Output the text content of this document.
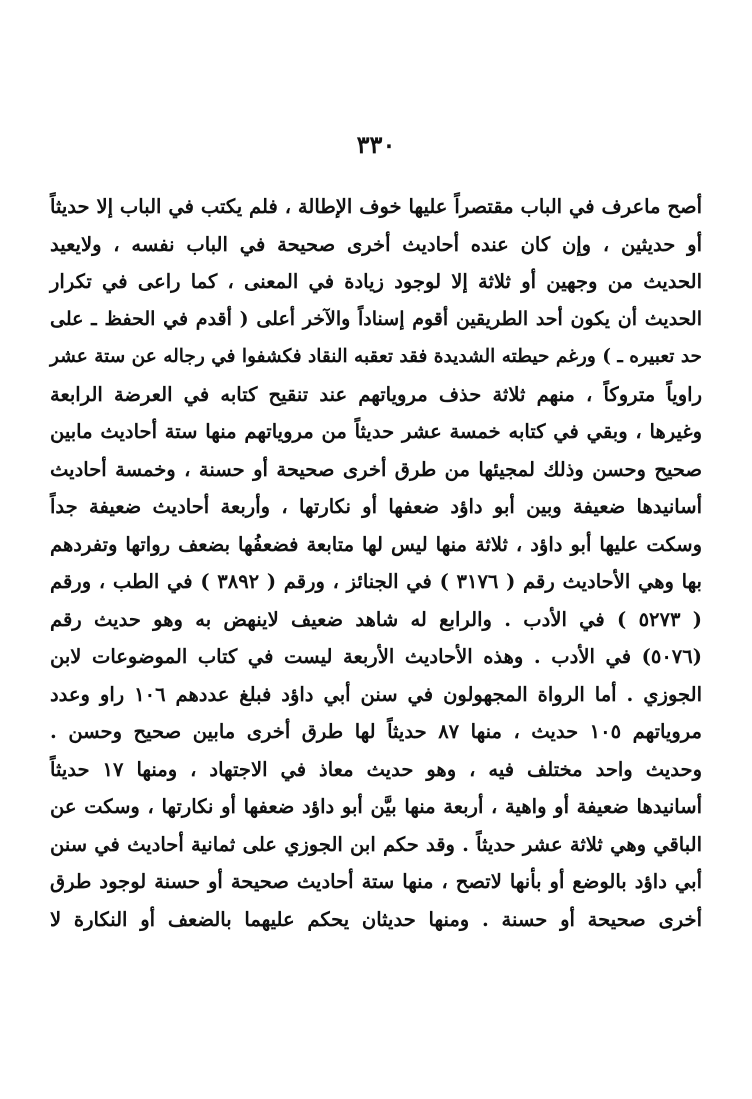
٣٣٠
أصح ماعرف في الباب مقتصراً عليها خوف الإطالة ، فلم يكتب في الباب إلا حديثاً
أو حديثين ، وإن كان عنده أحاديث أخرى صحيحة في الباب نفسه ، ولايعيد
الحديث من وجهين أو ثلاثة إلا لوجود زيادة في المعنى ، كما راعى في تكرار
الحديث أن يكون أحد الطريقين أقوم إسناداً والآخر أعلى ( أقدم في الحفظ ـ على
حد تعبيره ـ ) ورغم حيطته الشديدة فقد تعقبه النقاد فكشفوا في رجاله عن ستة عشر
راوياً متروكاً ، منهم ثلاثة حذف مروياتهم عند تنقيح كتابه في العرضة الرابعة
وغيرها ، وبقي في كتابه خمسة عشر حديثاً من مروياتهم منها ستة أحاديث مابين
صحيح وحسن وذلك لمجيئها من طرق أخرى صحيحة أو حسنة ، وخمسة أحاديث
أسانيدها ضعيفة وبين أبو داؤد ضعفها أو نكارتها ، وأربعة أحاديث ضعيفة جداً
وسكت عليها أبو داؤد ، ثلاثة منها ليس لها متابعة فضعفُها بضعف رواتها وتفردهم
بها وهي الأحاديث رقم ( ٣١٧٦ ) في الجنائز ، ورقم ( ٣٨٩٢ ) في الطب ، ورقم
( ٥٢٧٣ ) في الأدب . والرابع له شاهد ضعيف لاينهض به وهو حديث رقم
(٥٠٧٦) في الأدب . وهذه الأحاديث الأربعة ليست في كتاب الموضوعات لابن
الجوزي . أما الرواة المجهولون في سنن أبي داؤد فبلغ عددهم ١٠٦ راو وعدد
مروياتهم ١٠٥ حديث ، منها ٨٧ حديثاً لها طرق أخرى مابين صحيح وحسن .
وحديث واحد مختلف فيه ، وهو حديث معاذ في الاجتهاد ، ومنها ١٧ حديثاً
أسانيدها ضعيفة أو واهية ، أربعة منها بيَّن أبو داؤد ضعفها أو نكارتها ، وسكت عن
الباقي وهي ثلاثة عشر حديثاً . وقد حكم ابن الجوزي على ثمانية أحاديث في سنن
أبي داؤد بالوضع أو بأنها لاتصح ، منها ستة أحاديث صحيحة أو حسنة لوجود طرق
أخرى صحيحة أو حسنة . ومنها حديثان يحكم عليهما بالضعف أو النكارة لا
